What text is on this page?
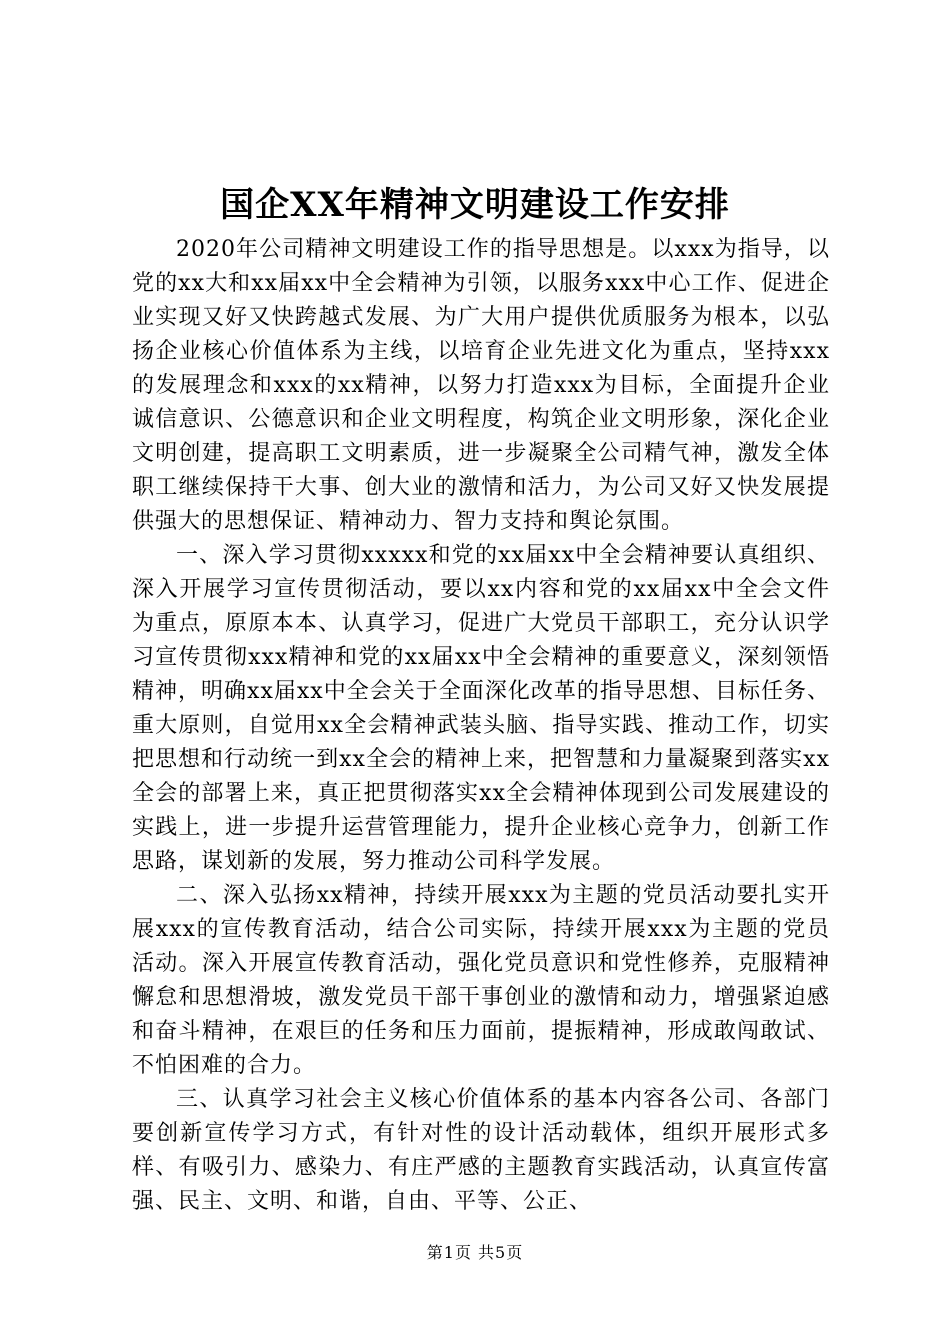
国企XX年精神文明建设工作安排

2020年公司精神文明建设工作的指导思想是。以xxx为指导，以党的xx大和xx届xx中全会精神为引领，以服务xxx中心工作、促进企业实现又好又快跨越式发展、为广大用户提供优质服务为根本，以弘扬企业核心价值体系为主线，以培育企业先进文化为重点，坚持xxx的发展理念和xxx的xx精神，以努力打造xxx为目标，全面提升企业诚信意识、公德意识和企业文明程度，构筑企业文明形象，深化企业文明创建，提高职工文明素质，进一步凝聚全公司精气神，激发全体职工继续保持干大事、创大业的激情和活力，为公司又好又快发展提供强大的思想保证、精神动力、智力支持和舆论氛围。

一、深入学习贯彻xxxxx和党的xx届xx中全会精神要认真组织、深入开展学习宣传贯彻活动，要以xx内容和党的xx届xx中全会文件为重点，原原本本、认真学习，促进广大党员干部职工，充分认识学习宣传贯彻xxx精神和党的xx届xx中全会精神的重要意义，深刻领悟精神，明确xx届xx中全会关于全面深化改革的指导思想、目标任务、重大原则，自觉用xx全会精神武装头脑、指导实践、推动工作，切实把思想和行动统一到xx全会的精神上来，把智慧和力量凝聚到落实xx全会的部署上来，真正把贯彻落实xx全会精神体现到公司发展建设的实践上，进一步提升运营管理能力，提升企业核心竞争力，创新工作思路，谋划新的发展，努力推动公司科学发展。

二、深入弘扬xx精神，持续开展xxx为主题的党员活动要扎实开展xxx的宣传教育活动，结合公司实际，持续开展xxx为主题的党员活动。深入开展宣传教育活动，强化党员意识和党性修养，克服精神懈怠和思想滑坡，激发党员干部干事创业的激情和动力，增强紧迫感和奋斗精神，在艰巨的任务和压力面前，提振精神，形成敢闯敢试、不怕困难的合力。

三、认真学习社会主义核心价值体系的基本内容各公司、各部门要创新宣传学习方式，有针对性的设计活动载体，组织开展形式多样、有吸引力、感染力、有庄严感的主题教育实践活动，认真宣传富强、民主、文明、和谐，自由、平等、公正、

第1页 共5页
